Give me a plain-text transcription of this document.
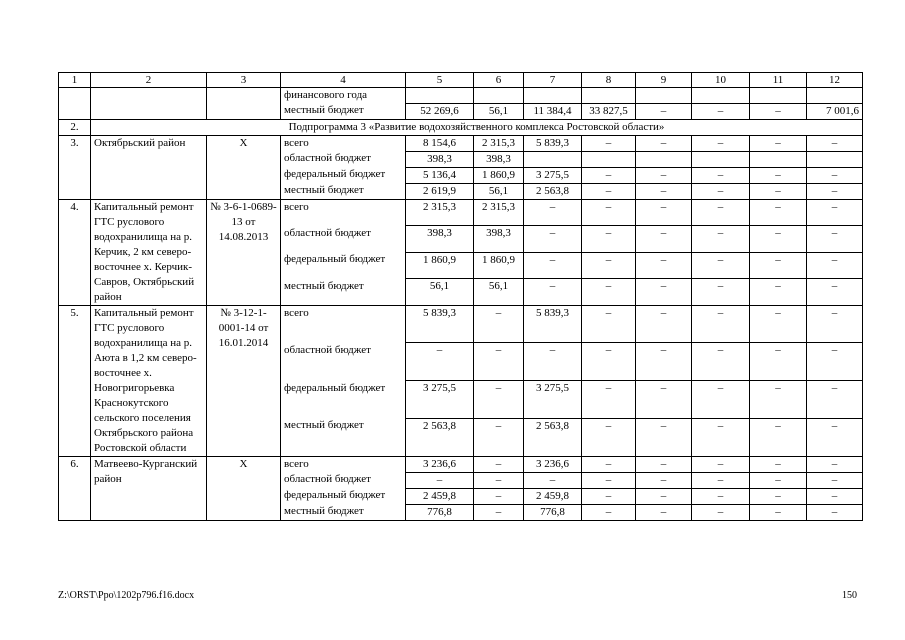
1	2	3	4	5	6	7	8	9	10	11	12
			финансового года								
			местный бюджет	52 269,6	56,1	11 384,4	33 827,5	–	–	–	7 001,6
2.	Подпрограмма 3 «Развитие водохозяйственного комплекса Ростовской области»										
3.	Октябрьский район	Х	всего	8 154,6	2 315,3	5 839,3	–	–	–	–	–
			областной бюджет	398,3	398,3						
			федеральный бюджет	5 136,4	1 860,9	3 275,5	–	–	–	–	–
			местный бюджет	2 619,9	56,1	2 563,8	–	–	–	–	–
4.	Капитальный ремонт ГТС руслового водохранилища на р. Керчик, 2 км северо-восточнее х. Керчик-Савров, Октябрьский район	№ 3-6-1-0689-13 от 14.08.2013	всего	2 315,3	2 315,3	–	–	–	–	–	–
			областной бюджет	398,3	398,3	–	–	–	–	–	–
			федеральный бюджет	1 860,9	1 860,9	–	–	–	–	–	–
			местный бюджет	56,1	56,1	–	–	–	–	–	–
5.	Капитальный ремонт ГТС руслового водохранилища на р. Аюта в 1,2 км северо-восточнее х. Новогригорьевка Краснокутского сельского поселения Октябрьского района Ростовской области	№ 3-12-1-0001-14 от 16.01.2014	всего	5 839,3	–	5 839,3	–	–	–	–	–
			областной бюджет	–	–	–	–	–	–	–	–
			федеральный бюджет	3 275,5	–	3 275,5	–	–	–	–	–
			местный бюджет	2 563,8	–	2 563,8	–	–	–	–	–
6.	Матвеево-Курганский район	Х	всего	3 236,6	–	3 236,6	–	–	–	–	–
			областной бюджет	–	–	–	–	–	–	–	–
			федеральный бюджет	2 459,8	–	2 459,8	–	–	–	–	–
			местный бюджет	776,8	–	776,8	–	–	–	–	–
Z:\ORST\Ppo\1202p796.f16.docx	150
